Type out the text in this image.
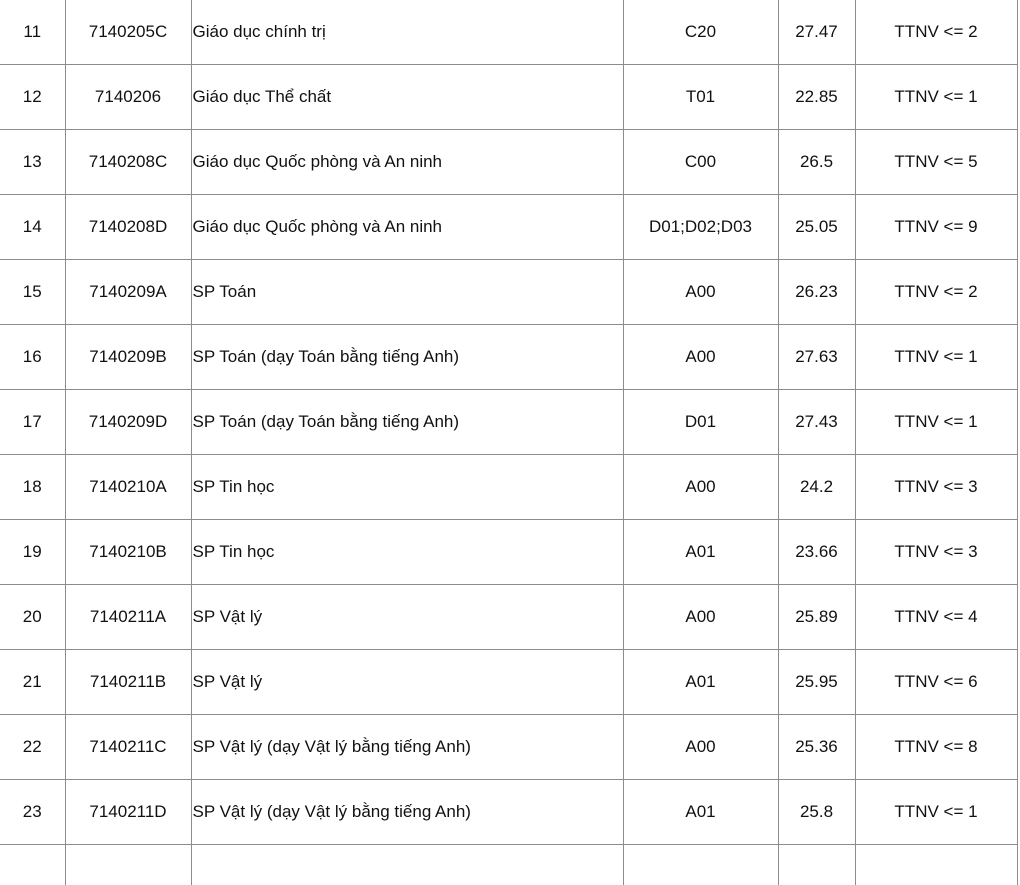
11	7140205C	Giáo dục chính trị	C20	27.47	TTNV <= 2
12	7140206	Giáo dục Thể chất	T01	22.85	TTNV <= 1
13	7140208C	Giáo dục Quốc phòng và An ninh	C00	26.5	TTNV <= 5
14	7140208D	Giáo dục Quốc phòng và An ninh	D01;D02;D03	25.05	TTNV <= 9
15	7140209A	SP Toán	A00	26.23	TTNV <= 2
16	7140209B	SP Toán (dạy Toán bằng tiếng Anh)	A00	27.63	TTNV <= 1
17	7140209D	SP Toán (dạy Toán bằng tiếng Anh)	D01	27.43	TTNV <= 1
18	7140210A	SP Tin học	A00	24.2	TTNV <= 3
19	7140210B	SP Tin học	A01	23.66	TTNV <= 3
20	7140211A	SP Vật lý	A00	25.89	TTNV <= 4
21	7140211B	SP Vật lý	A01	25.95	TTNV <= 6
22	7140211C	SP Vật lý (dạy Vật lý bằng tiếng Anh)	A00	25.36	TTNV <= 8
23	7140211D	SP Vật lý (dạy Vật lý bằng tiếng Anh)	A01	25.8	TTNV <= 1
